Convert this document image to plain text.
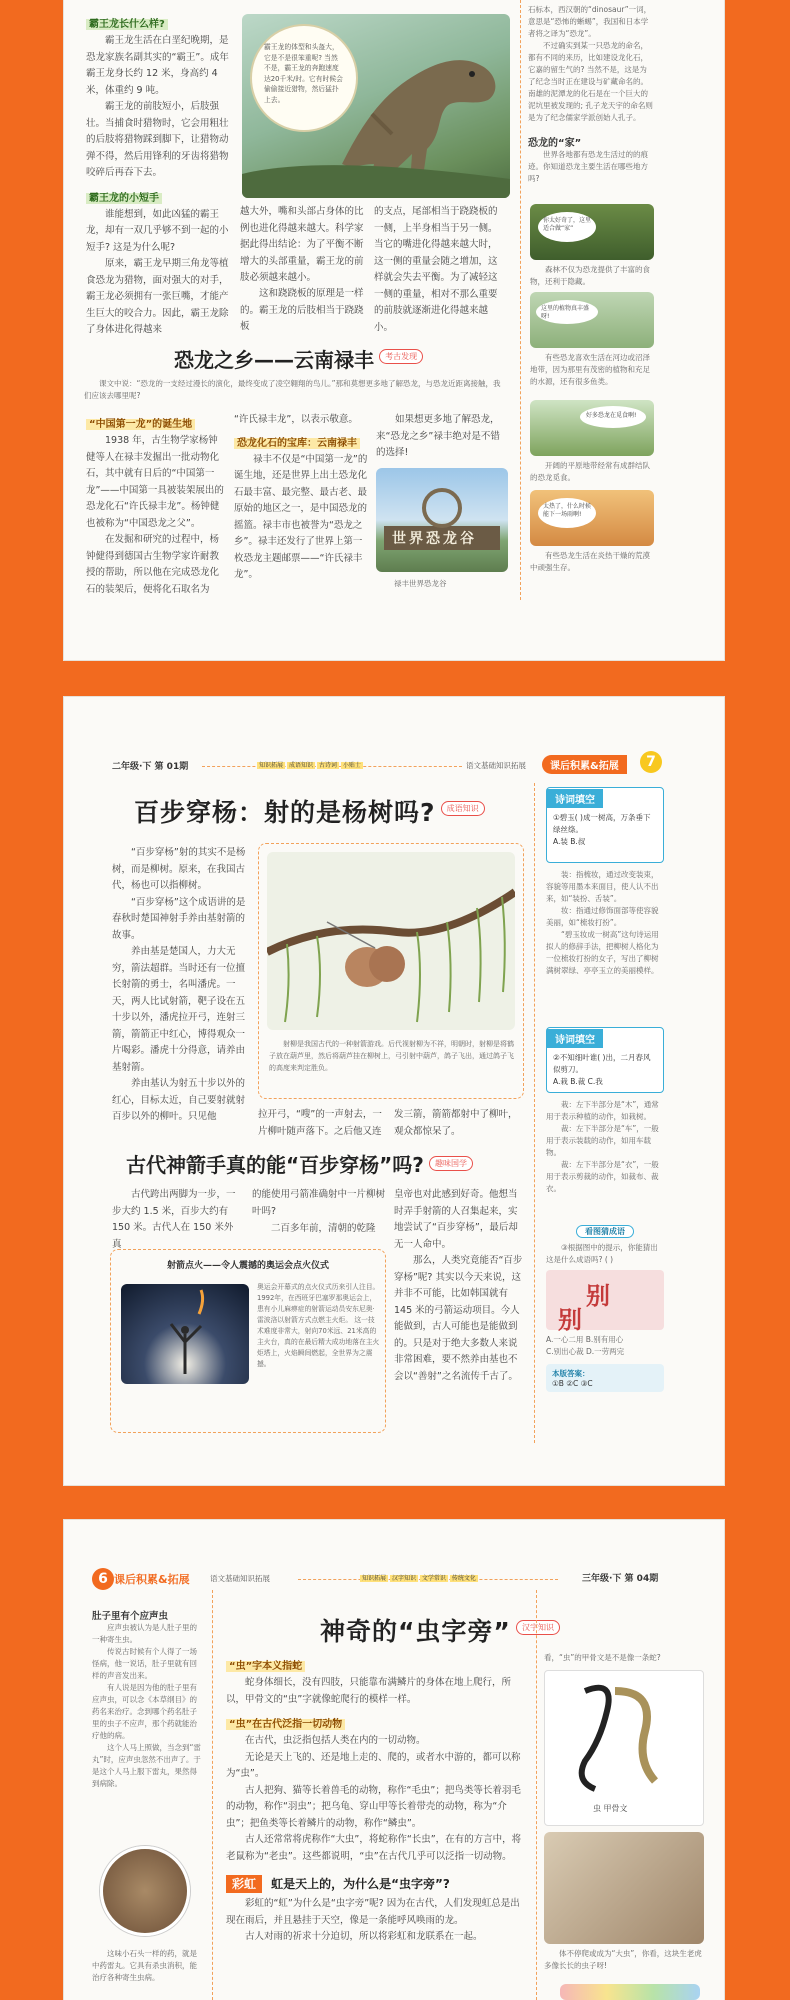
霸王龙长什么样?

霸王龙生活在白垩纪晚期，是恐龙家族名副其实的“霸王”。成年霸王龙身长约 12 米，身高约 4 米，体重约 9 吨。

霸王龙的前肢短小，后肢强壮。当捕食时猎物时，它会用粗壮的后肢将猎物踩到脚下，让猎物动弹不得，然后用锋利的牙齿将猎物咬碎后再吞下去。

霸王龙的小短手

谁能想到，如此凶猛的霸王龙，却有一双几乎够不到一起的小短手? 这是为什么呢?

原来，霸王龙早期三角龙等植食恐龙为猎物，面对强大的对手，霸王龙必须拥有一张巨嘴，才能产生巨大的咬合力。因此，霸王龙除了身体进化得越来

霸王龙的体型和头盔大，它是不是很笨重呢? 当然不是，霸王龙的奔跑速度达20千米/时。它有时候会偷偷接近猎物，然后猛扑上去。

越大外，嘴和头部占身体的比例也进化得越来越大。科学家据此得出结论：为了平衡不断增大的头部重量，霸王龙的前肢必须越来越小。

这和跷跷板的原理是一样的。霸王龙的后肢相当于跷跷板

的支点，尾部相当于跷跷板的一侧，上半身相当于另一侧。当它的嘴进化得越来越大时，这一侧的重量会随之增加，这样就会失去平衡。为了减轻这一侧的重量，相对不那么重要的前肢就逐渐进化得越来越小。

恐龙之乡——云南禄丰 $^{考古发现}$

课文中说：“恐龙的一支经过漫长的演化，最终变成了凌空翱翔的鸟儿。”那和莫想更多地了解恐龙，与恐龙近距离接触，我们应该去哪里呢?

“中国第一龙”的诞生地

1938 年，古生物学家杨钟健等人在禄丰发掘出一批动物化石，其中就有日后的“中国第一龙”——中国第一具被装架展出的恐龙化石“许氏禄丰龙”。杨钟健也被称为“中国恐龙之父”。

在发掘和研究的过程中，杨钟健得到德国古生物学家许耐教授的帮助，所以他在完成恐龙化石的装架后，便将化石取名为

“许氏禄丰龙”，以表示敬意。

恐龙化石的宝库：云南禄丰

禄丰不仅是“中国第一龙”的诞生地，还是世界上出土恐龙化石最丰富、最完整、最古老、最原始的地区之一，是中国恐龙的摇篮。禄丰市也被誉为“恐龙之乡”。禄丰还发行了世界上第一枚恐龙主题邮票——“许氏禄丰龙”。

如果想更多地了解恐龙，来“恐龙之乡”禄丰绝对是不错的选择!

世界恐龙谷
禄丰世界恐龙谷

石标本，西汉朝的“dinosaur”一词，意思是“恐怖的蜥蜴”，我国和日本学者将之译为“恐龙”。

不过确实到某一只恐龙的命名，都有不同的来历，比如建设龙化石，它嘉的留生气的? 当然不是，这是为了纪念当时正在建设与矿藏命名的。南雄的泥潭龙的化石是在一个巨大的泥坑里被发现的; 孔子龙天宇的命名则是为了纪念儒家学派创始人孔子。

恐龙的“家”

世界各地都有恐龙生活过的的痕迹。你知道恐龙主要生活在哪些地方吗?

你太好奇了，这里适合做“家”

森林不仅为恐龙提供了丰富的食物，还利于隐藏。

这里的植物真丰盛呀!

有些恐龙喜欢生活在河边或沼泽地带，因为那里有茂密的植物和充足的水源，还有很多鱼类。

好多恐龙在觅食啊!

开阔的平原地带经常有成群结队的恐龙觅食。

太热了，什么时候能下一场雨啊!

有些恐龙生活在炎热干燥的荒漠中顽强生存。

二年级·下 第 01期	知识拓展 成语知识 古诗词 小贴士	语文基础知识拓展	课后积累&拓展	7
百步穿杨：射的是杨树吗? $^{成语知识}$

“百步穿杨”射的其实不是杨树，而是柳树。原来，在我国古代，杨也可以指柳树。

“百步穿杨”这个成语讲的是春秋时楚国神射手养由基射箭的故事。

养由基是楚国人，力大无穷，箭法超群。当时还有一位擅长射箭的勇士，名叫潘虎。一天，两人比试射箭，靶子设在五十步以外，潘虎拉开弓，连射三箭，箭箭正中红心，博得观众一片喝彩。潘虎十分得意，请养由基射箭。

养由基认为射五十步以外的红心，目标太近，自己要射就射百步以外的柳叶。只见他

射柳是我国古代的一种射箭游戏。后代视射柳为不祥，明朝时，射柳是将鹤子放在葫芦里，然后将葫芦挂在柳树上，弓引射中葫芦，鸽子飞出，通过鸽子飞的高度来判定胜负。

拉开弓，“嗖”的一声射去，一片柳叶随声落下。之后他又连

发三箭，箭箭都射中了柳叶，观众都惊呆了。

古代神箭手真的能“百步穿杨”吗? $^{趣味国学}$

古代跨出两脚为一步，一步大约 1.5 米，百步大约有 150 米。古代人在 150 米外真

的能使用弓箭准确射中一片柳树叶吗?

二百多年前，清朝的乾隆

皇帝也对此感到好奇。他想当时弄手射箭的人召集起来，实地尝试了“百步穿杨”，最后却无一人命中。

那么，人类究竟能否“百步穿杨”呢? 其实以今天来说，这并非不可能，比如韩国就有 145 米的弓箭运动项目。今人能做到，古人可能也是能做到的。只是对于绝大多数人来说非常困难，要不然养由基也不会以“善射”之名流传千古了。

射箭点火——令人震撼的奥运会点火仪式

奥运会开幕式的点火仪式历来引人注目。1992年，在西班牙巴塞罗那奥运会上，患有小儿麻痹症的射箭运动员安东尼奥·雷波洛以射箭方式点燃主火炬。 这一技术难度非常大，射向70米远、21米高的主火台，真的在最后精大成功地落在主火炬塔上，火焰瞬间燃起，全世界为之震撼。

诗词填空

①碧玉( )成一树高，万条垂下绿丝绦。

A.装 B.叔

装：指梳妆，通过改变装束，容貌等用墨本来面目，使人认不出来，如“装扮、舌装”。

妆：指通过修饰面部等使容貌美丽，如“梳妆打扮”。

“碧玉妆成一树高”这句诗运用拟人的修辞手法，把柳树人格化为一位梳妆打扮的女子，写出了柳树满树翠绿、亭亭玉立的美丽模样。

诗词填空

②不知细叶谁( )出，二月春风似剪刀。

A.栽 B.裁 C.我

栽：左下半部分是“木”，通常用于表示种植的动作，如栽树。

裁：左下半部分是“车”，一般用于表示装载的动作，如用车载物。

裁：左下半部分是“衣”，一般用于表示剪裁的动作，如裁布、裁衣。

看图猜成语

③根据图中的提示，你能猜出这是什么成语吗? ( )

别
别

A.一心二用 B.别有用心

C.别出心裁 D.一劳两完

本版答案：
①B ②C ③C
6 课后积累&拓展	语文基础知识拓展	知识拓展 汉字知识 文学常识 传统文化	三年级·下 第 04期
肚子里有个应声虫

应声虫被认为是人肚子里的一种寄生虫。

传说古时候有个人得了一场怪病，他一说话，肚子里就有回样的声音发出来。

有人说是因为他的肚子里有应声虫，可以念《本草纲目》的药名来治疗。念到哪个药名肚子里的虫子不应声，那个药就能治疗他的病。

这个人马上照做，当念到“雷丸”时，应声虫忽然不出声了。于是这个人马上服下雷丸，果然得到病除。

这味小石头一样的药，就是中药雷丸。它具有杀虫消积，能治疗各种寄生虫病。

神奇的“虫字旁” $^{汉字知识}$
“虫”字本义指蛇

蛇身体细长，没有四肢，只能靠布满鳞片的身体在地上爬行，所以，甲骨文的“虫”字就像蛇爬行的模样一样。

“虫”在古代泛指一切动物

在古代，虫泛指包括人类在内的一切动物。

无论是天上飞的、还是地上走的、爬的，或者水中游的，都可以称为“虫”。

古人把狗、猫等长着兽毛的动物，称作“毛虫”；把鸟类等长着羽毛的动物，称作“羽虫”；把乌龟、穿山甲等长着带壳的动物，称为“介虫”；把鱼类等长着鳞片的动物，称作“鳞虫”。

古人还常常将虎称作“大虫”，将蛇称作“长虫”，在有的方言中，将老鼠称为“老虫”。这些都说明，“虫”在古代几乎可以泛指一切动物。

彩虹 虹是天上的，为什么是“虫字旁”?

彩虹的“虹”为什么是“虫字旁”呢? 因为在古代，人们发现虹总是出现在雨后，并且悬挂于天空，像是一条能呼风唤雨的龙。

古人对雨的祈求十分迫切，所以将彩虹和龙联系在一起。

看，“虫”的甲骨文是不是像一条蛇?

虫 甲骨文

体不停爬或成为“大虫”，你看，这块生老虎多像长长的虫子呀!
